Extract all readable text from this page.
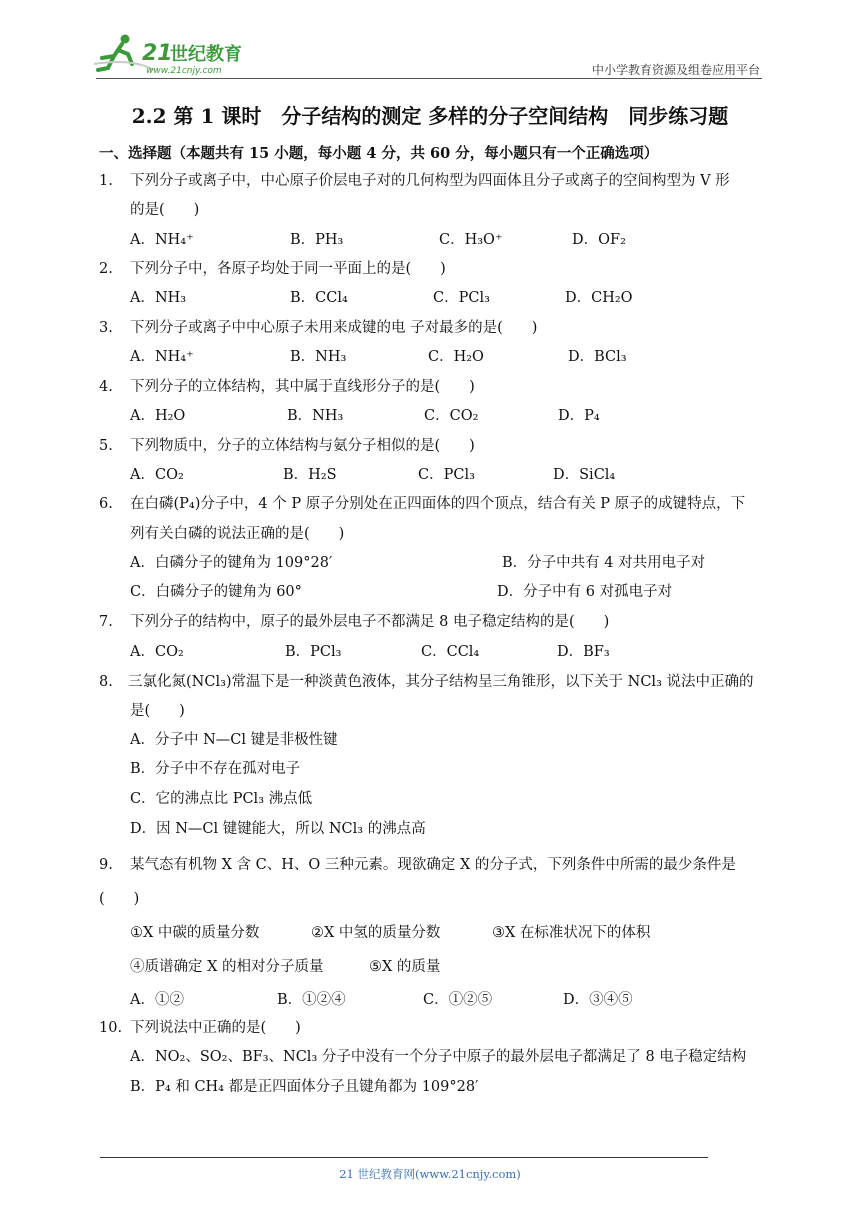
21
世纪教育
www.21cnjy.com	中小学教育资源及组卷应用平台
2.2 第 1 课时　分子结构的测定 多样的分子空间结构　同步练习题
一、选择题（本题共有 15 小题，每小题 4 分，共 60 分，每小题只有一个正确选项）
1. 下列分子或离子中，中心原子价层电子对的几何构型为四面体且分子或离子的空间构型为 V 形
的是(　　)
A．NH₄⁺	B．PH₃	C．H₃O⁺	D．OF₂
2. 下列分子中，各原子均处于同一平面上的是(　　)
A．NH₃	B．CCl₄	C．PCl₃	D．CH₂O
3. 下列分子或离子中中心原子未用来成键的电 子对最多的是(　　)
A．NH₄⁺	B．NH₃	C．H₂O	D．BCl₃
4. 下列分子的立体结构，其中属于直线形分子的是(　　)
A．H₂O	B．NH₃	C．CO₂	D．P₄
5. 下列物质中，分子的立体结构与氨分子相似的是(　　)
A．CO₂	B．H₂S	C．PCl₃	D．SiCl₄
6. 在白磷(P₄)分子中，4 个 P 原子分别处在正四面体的四个顶点，结合有关 P 原子的成键特点，下
列有关白磷的说法正确的是(　　)
A．白磷分子的键角为 109°28′	B．分子中共有 4 对共用电子对
C．白磷分子的键角为 60°	D．分子中有 6 对孤电子对
7. 下列分子的结构中，原子的最外层电子不都满足 8 电子稳定结构的是(　　)
A．CO₂	B．PCl₃	C．CCl₄	D．BF₃
8. 三氯化氮(NCl₃)常温下是一种淡黄色液体，其分子结构呈三角锥形，以下关于 NCl₃ 说法中正确的
是(　　)
A．分子中 N—Cl 键是非极性键
B．分子中不存在孤对电子
C．它的沸点比 PCl₃ 沸点低
D．因 N—Cl 键键能大，所以 NCl₃ 的沸点高
9. 某气态有机物 X 含 C、H、O 三种元素。现欲确定 X 的分子式，下列条件中所需的最少条件是
(　　)
①X 中碳的质量分数	②X 中氢的质量分数	③X 在标准状况下的体积
④质谱确定 X 的相对分子质量	⑤X 的质量
A．①②	B．①②④	C．①②⑤	D．③④⑤
10. 下列说法中正确的是(　　)
A．NO₂、SO₂、BF₃、NCl₃ 分子中没有一个分子中原子的最外层电子都满足了 8 电子稳定结构
B．P₄ 和 CH₄ 都是正四面体分子且键角都为 109°28′
21 世纪教育网(www.21cnjy.com)
